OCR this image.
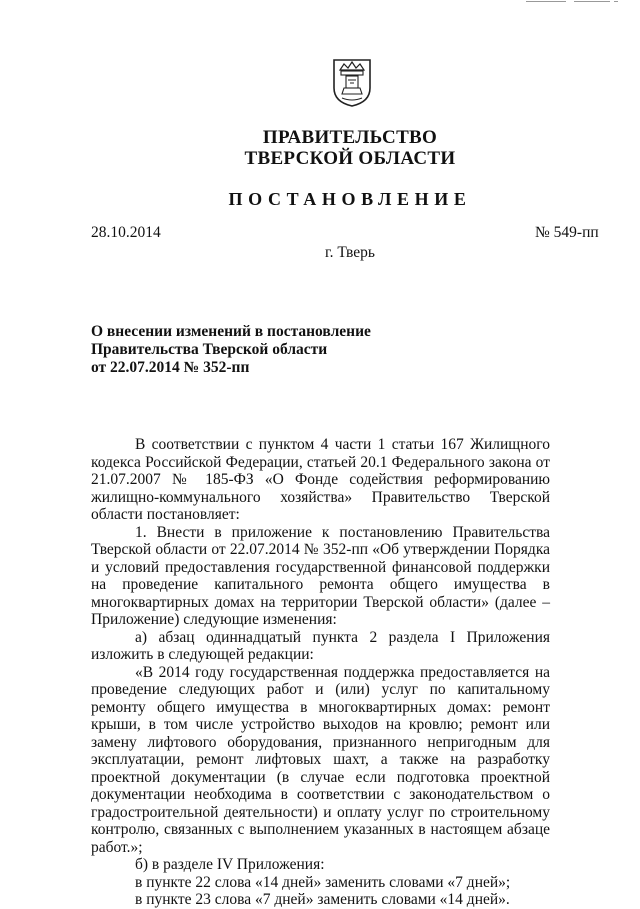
ПРАВИТЕЛЬСТВО
ТВЕРСКОЙ ОБЛАСТИ
ПОСТАНОВЛЕНИЕ
28.10.2014	№ 549-пп
г. Тверь
О внесении изменений в постановление
Правительства Тверской области
от 22.07.2014 № 352-пп

В соответствии с пунктом 4 части 1 статьи 167 Жилищного кодекса Российской Федерации, статьей 20.1 Федерального закона от 21.07.2007 № 185-ФЗ «О Фонде содействия реформированию жилищно-коммунального хозяйства» Правительство Тверской области постановляет:

1. Внести в приложение к постановлению Правительства Тверской области от 22.07.2014 № 352-пп «Об утверждении Порядка и условий предоставления государственной финансовой поддержки на проведение капитального ремонта общего имущества в многоквартирных домах на территории Тверской области» (далее – Приложение) следующие изменения:

а) абзац одиннадцатый пункта 2 раздела I Приложения изложить в следующей редакции:

«В 2014 году государственная поддержка предоставляется на проведение следующих работ и (или) услуг по капитальному ремонту общего имущества в многоквартирных домах: ремонт крыши, в том числе устройство выходов на кровлю; ремонт или замену лифтового оборудования, признанного непригодным для эксплуатации, ремонт лифтовых шахт, а также на разработку проектной документации (в случае если подготовка проектной документации необходима в соответствии с законодательством о градостроительной деятельности) и оплату услуг по строительному контролю, связанных с выполнением указанных в настоящем абзаце работ.»;

б) в разделе IV Приложения:

в пункте 22 слова «14 дней» заменить словами «7 дней»;

в пункте 23 слова «7 дней» заменить словами «14 дней».
